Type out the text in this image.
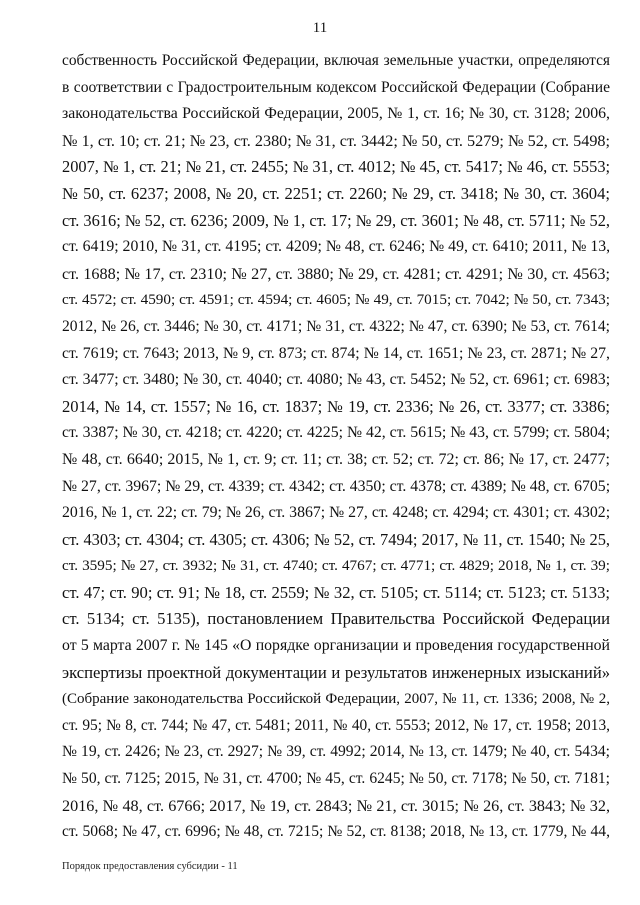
11
собственность Российской Федерации, включая земельные участки, определяются
в соответствии с Градостроительным кодексом Российской Федерации (Собрание
законодательства Российской Федерации, 2005, № 1, ст. 16; № 30, ст. 3128; 2006,
№ 1, ст. 10; ст. 21; № 23, ст. 2380; № 31, ст. 3442; № 50, ст. 5279; № 52, ст. 5498;
2007, № 1, ст. 21; № 21, ст. 2455; № 31, ст. 4012; № 45, ст. 5417; № 46, ст. 5553;
№ 50, ст. 6237; 2008, № 20, ст. 2251; ст. 2260; № 29, ст. 3418; № 30, ст. 3604;
ст. 3616; № 52, ст. 6236; 2009, № 1, ст. 17; № 29, ст. 3601; № 48, ст. 5711; № 52,
ст. 6419; 2010, № 31, ст. 4195; ст. 4209; № 48, ст. 6246; № 49, ст. 6410; 2011, № 13,
ст. 1688; № 17, ст. 2310; № 27, ст. 3880; № 29, ст. 4281; ст. 4291; № 30, ст. 4563;
ст. 4572; ст. 4590; ст. 4591; ст. 4594; ст. 4605; № 49, ст. 7015; ст. 7042; № 50, ст. 7343;
2012, № 26, ст. 3446; № 30, ст. 4171; № 31, ст. 4322; № 47, ст. 6390; № 53, ст. 7614;
ст. 7619; ст. 7643; 2013, № 9, ст. 873; ст. 874; № 14, ст. 1651; № 23, ст. 2871; № 27,
ст. 3477; ст. 3480; № 30, ст. 4040; ст. 4080; № 43, ст. 5452; № 52, ст. 6961; ст. 6983;
2014, № 14, ст. 1557; № 16, ст. 1837; № 19, ст. 2336; № 26, ст. 3377; ст. 3386;
ст. 3387; № 30, ст. 4218; ст. 4220; ст. 4225; № 42, ст. 5615; № 43, ст. 5799; ст. 5804;
№ 48, ст. 6640; 2015, № 1, ст. 9; ст. 11; ст. 38; ст. 52; ст. 72; ст. 86; № 17, ст. 2477;
№ 27, ст. 3967; № 29, ст. 4339; ст. 4342; ст. 4350; ст. 4378; ст. 4389; № 48, ст. 6705;
2016, № 1, ст. 22; ст. 79; № 26, ст. 3867; № 27, ст. 4248; ст. 4294; ст. 4301; ст. 4302;
ст. 4303; ст. 4304; ст. 4305; ст. 4306; № 52, ст. 7494; 2017, № 11, ст. 1540; № 25,
ст. 3595; № 27, ст. 3932; № 31, ст. 4740; ст. 4767; ст. 4771; ст. 4829; 2018, № 1, ст. 39;
ст. 47; ст. 90; ст. 91; № 18, ст. 2559; № 32, ст. 5105; ст. 5114; ст. 5123; ст. 5133;
ст. 5134; ст. 5135), постановлением Правительства Российской Федерации
от 5 марта 2007 г. № 145 «О порядке организации и проведения государственной
экспертизы проектной документации и результатов инженерных изысканий»
(Собрание законодательства Российской Федерации, 2007, № 11, ст. 1336; 2008, № 2,
ст. 95; № 8, ст. 744; № 47, ст. 5481; 2011, № 40, ст. 5553; 2012, № 17, ст. 1958; 2013,
№ 19, ст. 2426; № 23, ст. 2927; № 39, ст. 4992; 2014, № 13, ст. 1479; № 40, ст. 5434;
№ 50, ст. 7125; 2015, № 31, ст. 4700; № 45, ст. 6245; № 50, ст. 7178; № 50, ст. 7181;
2016, № 48, ст. 6766; 2017, № 19, ст. 2843; № 21, ст. 3015; № 26, ст. 3843; № 32,
ст. 5068; № 47, ст. 6996; № 48, ст. 7215; № 52, ст. 8138; 2018, № 13, ст. 1779, № 44,
Порядок предоставления субсидии - 11
